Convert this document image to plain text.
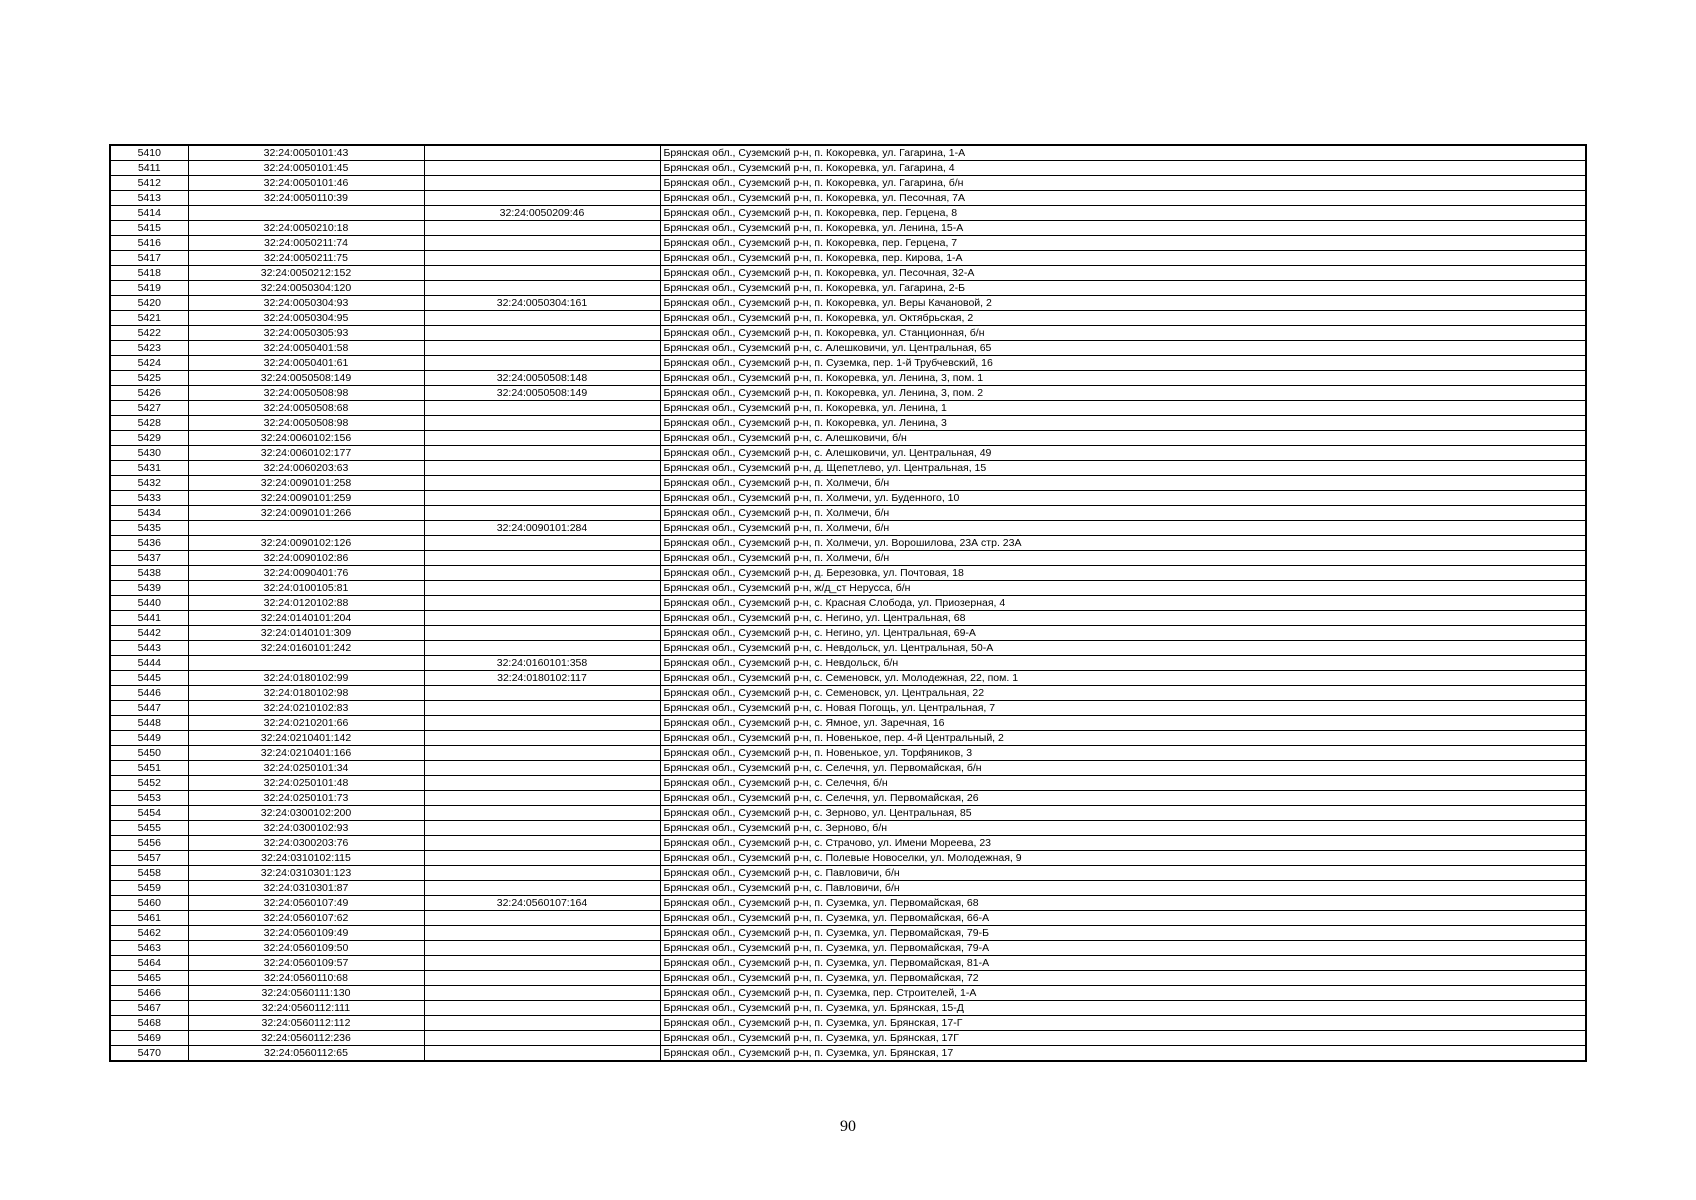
5410	32:24:0050101:43		Брянская обл., Суземский р-н, п. Кокоревка, ул. Гагарина, 1-А
5411	32:24:0050101:45		Брянская обл., Суземский р-н, п. Кокоревка, ул. Гагарина, 4
5412	32:24:0050101:46		Брянская обл., Суземский р-н, п. Кокоревка, ул. Гагарина, б/н
5413	32:24:0050110:39		Брянская обл., Суземский р-н, п. Кокоревка, ул. Песочная, 7А
5414		32:24:0050209:46	Брянская обл., Суземский р-н, п. Кокоревка, пер. Герцена, 8
5415	32:24:0050210:18		Брянская обл., Суземский р-н, п. Кокоревка, ул. Ленина, 15-А
5416	32:24:0050211:74		Брянская обл., Суземский р-н, п. Кокоревка, пер. Герцена, 7
5417	32:24:0050211:75		Брянская обл., Суземский р-н, п. Кокоревка, пер. Кирова, 1-А
5418	32:24:0050212:152		Брянская обл., Суземский р-н, п. Кокоревка, ул. Песочная, 32-А
5419	32:24:0050304:120		Брянская обл., Суземский р-н, п. Кокоревка, ул. Гагарина, 2-Б
5420	32:24:0050304:93	32:24:0050304:161	Брянская обл., Суземский р-н, п. Кокоревка, ул. Веры Качановой, 2
5421	32:24:0050304:95		Брянская обл., Суземский р-н, п. Кокоревка, ул. Октябрьская, 2
5422	32:24:0050305:93		Брянская обл., Суземский р-н, п. Кокоревка, ул. Станционная, б/н
5423	32:24:0050401:58		Брянская обл., Суземский р-н, с. Алешковичи, ул. Центральная, 65
5424	32:24:0050401:61		Брянская обл., Суземский р-н, п. Суземка, пер. 1-й Трубчевский, 16
5425	32:24:0050508:149	32:24:0050508:148	Брянская обл., Суземский р-н, п. Кокоревка, ул. Ленина, 3, пом. 1
5426	32:24:0050508:98	32:24:0050508:149	Брянская обл., Суземский р-н, п. Кокоревка, ул. Ленина, 3, пом. 2
5427	32:24:0050508:68		Брянская обл., Суземский р-н, п. Кокоревка, ул. Ленина, 1
5428	32:24:0050508:98		Брянская обл., Суземский р-н, п. Кокоревка, ул. Ленина, 3
5429	32:24:0060102:156		Брянская обл., Суземский р-н, с. Алешковичи, б/н
5430	32:24:0060102:177		Брянская обл., Суземский р-н, с. Алешковичи, ул. Центральная, 49
5431	32:24:0060203:63		Брянская обл., Суземский р-н, д. Щепетлево, ул. Центральная, 15
5432	32:24:0090101:258		Брянская обл., Суземский р-н, п. Холмечи, б/н
5433	32:24:0090101:259		Брянская обл., Суземский р-н, п. Холмечи, ул. Буденного, 10
5434	32:24:0090101:266		Брянская обл., Суземский р-н, п. Холмечи, б/н
5435		32:24:0090101:284	Брянская обл., Суземский р-н, п. Холмечи, б/н
5436	32:24:0090102:126		Брянская обл., Суземский р-н, п. Холмечи, ул. Ворошилова, 23А стр. 23А
5437	32:24:0090102:86		Брянская обл., Суземский р-н, п. Холмечи, б/н
5438	32:24:0090401:76		Брянская обл., Суземский р-н, д. Березовка, ул. Почтовая, 18
5439	32:24:0100105:81		Брянская обл., Суземский р-н, ж/д_ст Нерусса, б/н
5440	32:24:0120102:88		Брянская обл., Суземский р-н, с. Красная Слобода, ул. Приозерная, 4
5441	32:24:0140101:204		Брянская обл., Суземский р-н, с. Негино, ул. Центральная, 68
5442	32:24:0140101:309		Брянская обл., Суземский р-н, с. Негино, ул. Центральная, 69-А
5443	32:24:0160101:242		Брянская обл., Суземский р-н, с. Невдольск, ул. Центральная, 50-А
5444		32:24:0160101:358	Брянская обл., Суземский р-н, с. Невдольск, б/н
5445	32:24:0180102:99	32:24:0180102:117	Брянская обл., Суземский р-н, с. Семеновск, ул. Молодежная, 22, пом. 1
5446	32:24:0180102:98		Брянская обл., Суземский р-н, с. Семеновск, ул. Центральная, 22
5447	32:24:0210102:83		Брянская обл., Суземский р-н, с. Новая Погощь, ул. Центральная, 7
5448	32:24:0210201:66		Брянская обл., Суземский р-н, с. Ямное, ул. Заречная, 16
5449	32:24:0210401:142		Брянская обл., Суземский р-н, п. Новенькое, пер. 4-й Центральный, 2
5450	32:24:0210401:166		Брянская обл., Суземский р-н, п. Новенькое, ул. Торфяников, 3
5451	32:24:0250101:34		Брянская обл., Суземский р-н, с. Селечня, ул. Первомайская, б/н
5452	32:24:0250101:48		Брянская обл., Суземский р-н, с. Селечня, б/н
5453	32:24:0250101:73		Брянская обл., Суземский р-н, с. Селечня, ул. Первомайская, 26
5454	32:24:0300102:200		Брянская обл., Суземский р-н, с. Зерново, ул. Центральная, 85
5455	32:24:0300102:93		Брянская обл., Суземский р-н, с. Зерново, б/н
5456	32:24:0300203:76		Брянская обл., Суземский р-н, с. Страчово, ул. Имени Мореева, 23
5457	32:24:0310102:115		Брянская обл., Суземский р-н, с. Полевые Новоселки, ул. Молодежная, 9
5458	32:24:0310301:123		Брянская обл., Суземский р-н, с. Павловичи, б/н
5459	32:24:0310301:87		Брянская обл., Суземский р-н, с. Павловичи, б/н
5460	32:24:0560107:49	32:24:0560107:164	Брянская обл., Суземский р-н, п. Суземка, ул. Первомайская, 68
5461	32:24:0560107:62		Брянская обл., Суземский р-н, п. Суземка, ул. Первомайская, 66-А
5462	32:24:0560109:49		Брянская обл., Суземский р-н, п. Суземка, ул. Первомайская, 79-Б
5463	32:24:0560109:50		Брянская обл., Суземский р-н, п. Суземка, ул. Первомайская, 79-А
5464	32:24:0560109:57		Брянская обл., Суземский р-н, п. Суземка, ул. Первомайская, 81-А
5465	32:24:0560110:68		Брянская обл., Суземский р-н, п. Суземка, ул. Первомайская, 72
5466	32:24:0560111:130		Брянская обл., Суземский р-н, п. Суземка, пер. Строителей, 1-А
5467	32:24:0560112:111		Брянская обл., Суземский р-н, п. Суземка, ул. Брянская, 15-Д
5468	32:24:0560112:112		Брянская обл., Суземский р-н, п. Суземка, ул. Брянская, 17-Г
5469	32:24:0560112:236		Брянская обл., Суземский р-н, п. Суземка, ул. Брянская, 17Г
5470	32:24:0560112:65		Брянская обл., Суземский р-н, п. Суземка, ул. Брянская, 17
90
